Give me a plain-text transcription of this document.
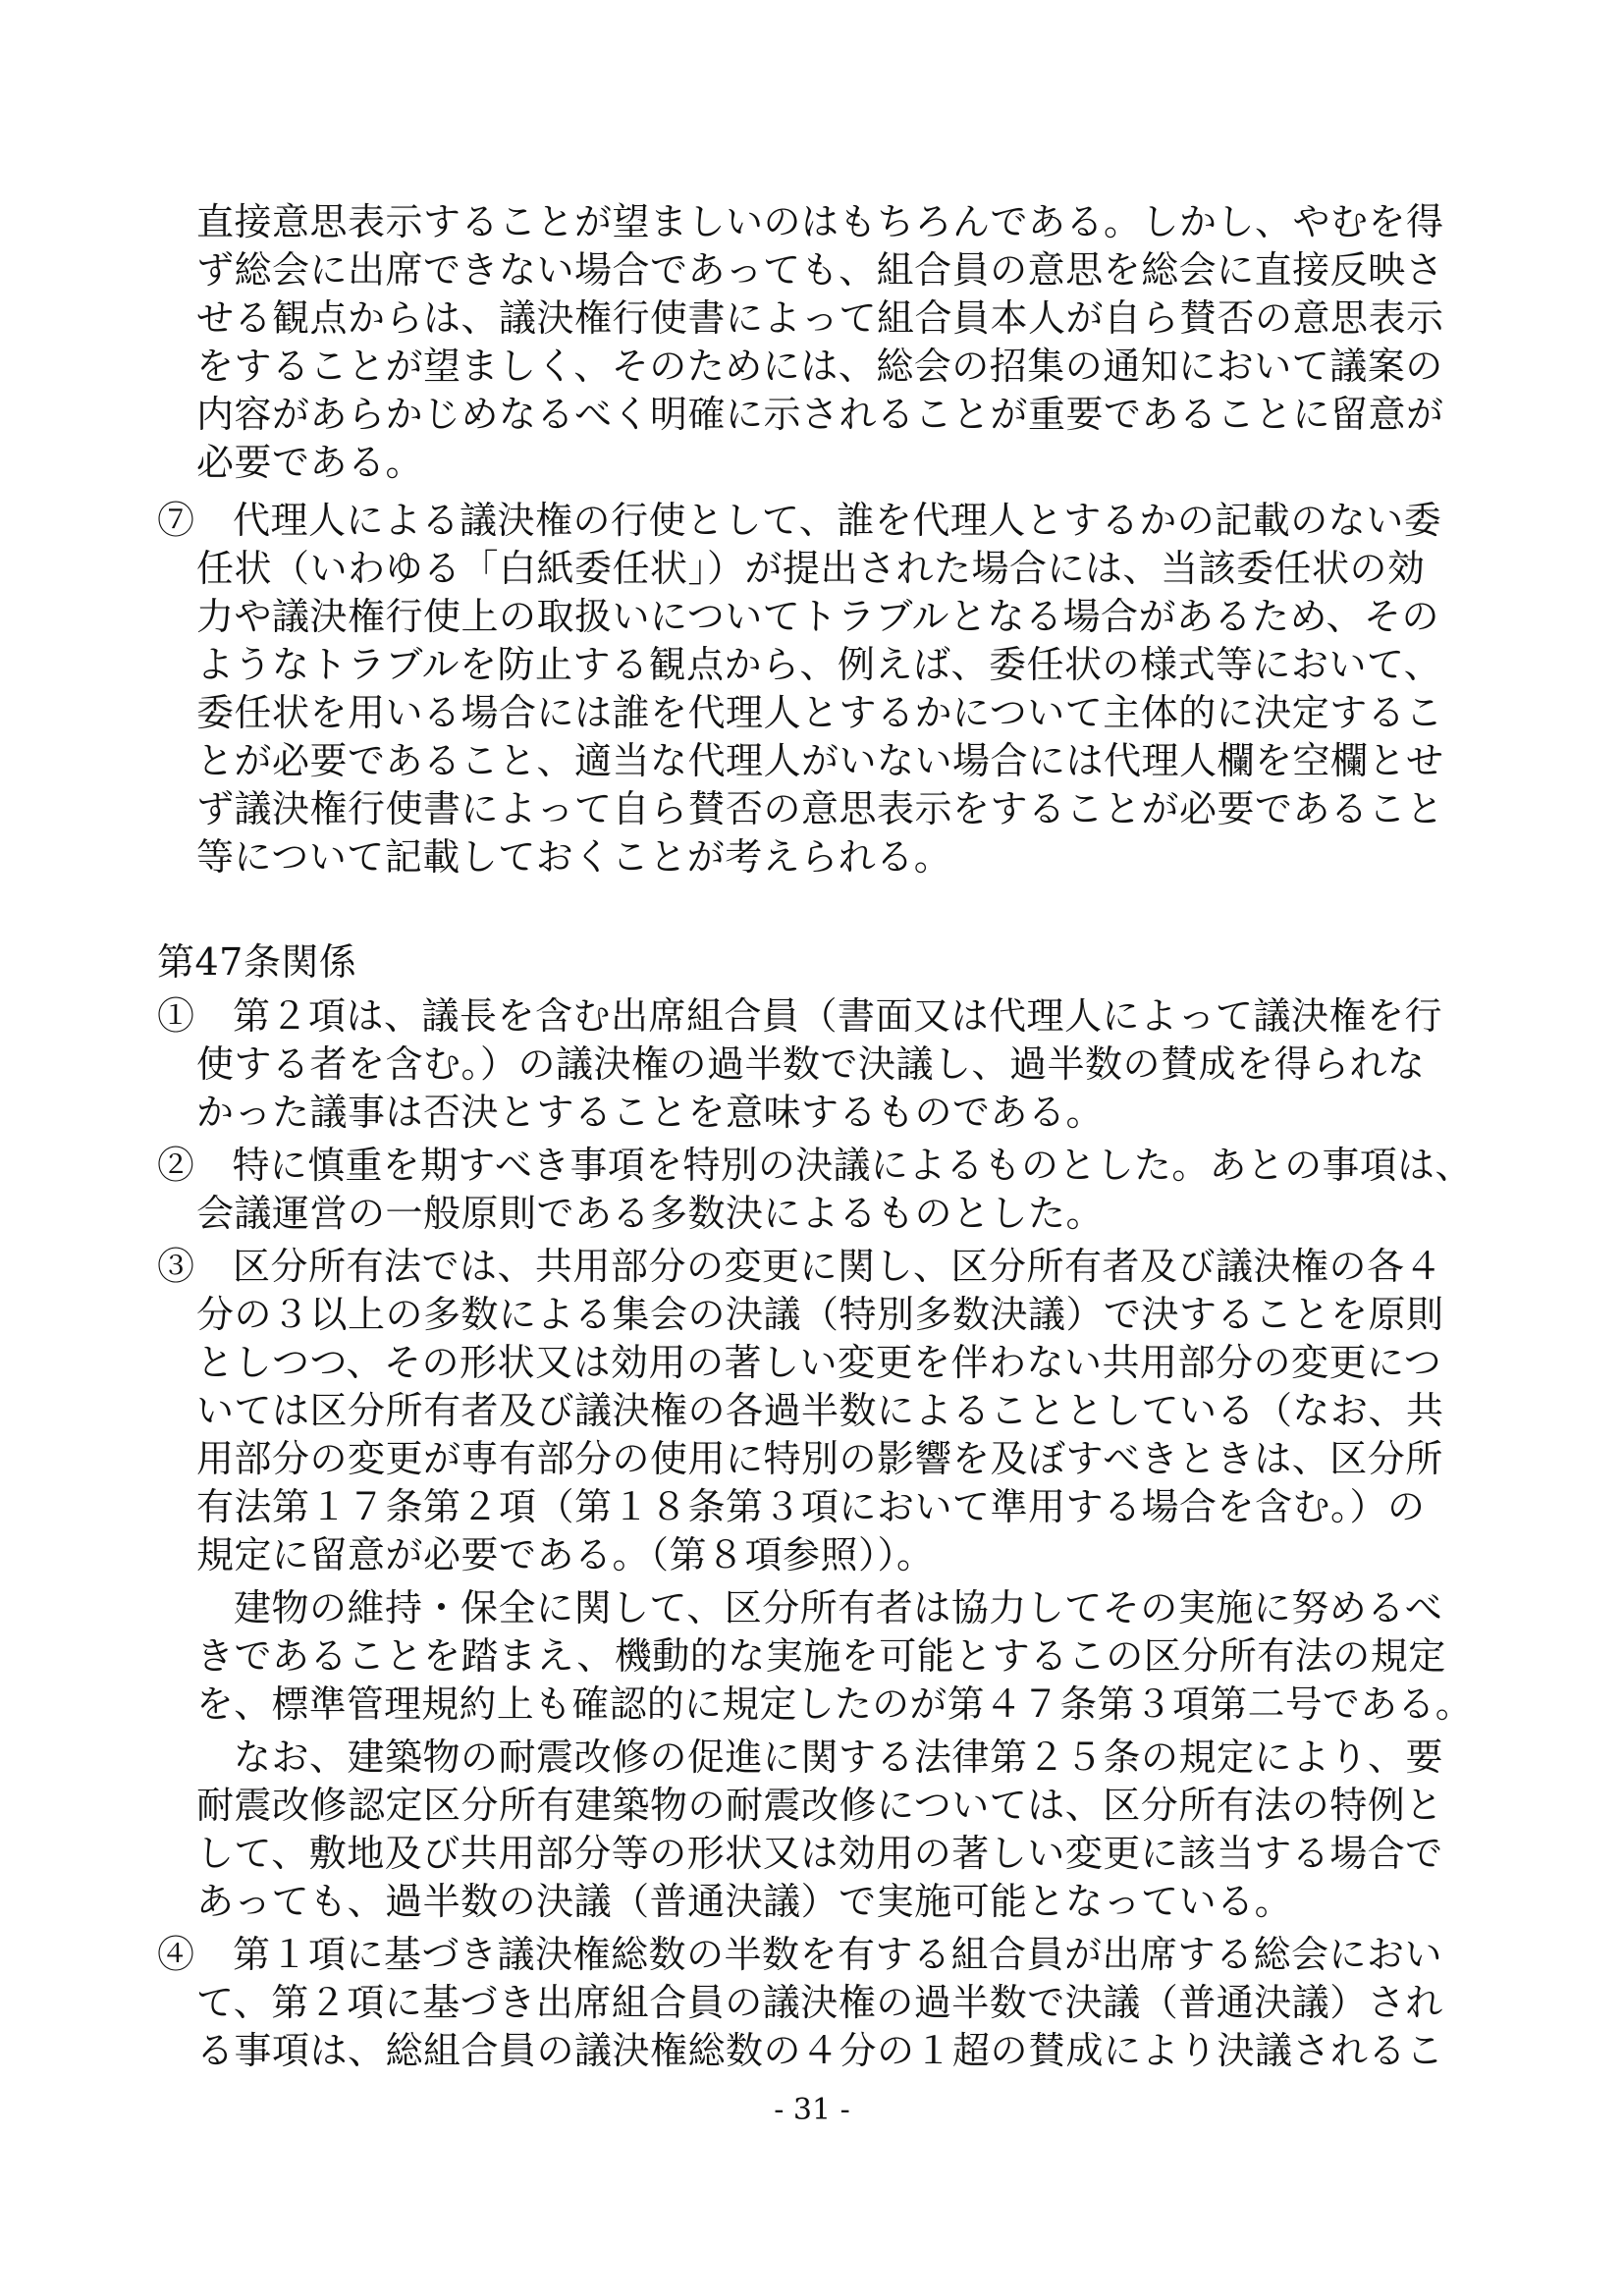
直接意思表示することが望ましいのはもちろんである。しかし、やむを得
ず総会に出席できない場合であっても、組合員の意思を総会に直接反映さ
せる観点からは、議決権行使書によって組合員本人が自ら賛否の意思表示
をすることが望ましく、そのためには、総会の招集の通知において議案の
内容があらかじめなるべく明確に示されることが重要であることに留意が
必要である。
⑦　代理人による議決権の行使として、誰を代理人とするかの記載のない委
任状（いわゆる「白紙委任状」）が提出された場合には、当該委任状の効
力や議決権行使上の取扱いについてトラブルとなる場合があるため、その
ようなトラブルを防止する観点から、例えば、委任状の様式等において、
委任状を用いる場合には誰を代理人とするかについて主体的に決定するこ
とが必要であること、適当な代理人がいない場合には代理人欄を空欄とせ
ず議決権行使書によって自ら賛否の意思表示をすることが必要であること
等について記載しておくことが考えられる。
第47条関係
①　第２項は、議長を含む出席組合員（書面又は代理人によって議決権を行
使する者を含む。）の議決権の過半数で決議し、過半数の賛成を得られな
かった議事は否決とすることを意味するものである。
②　特に慎重を期すべき事項を特別の決議によるものとした。あとの事項は、
会議運営の一般原則である多数決によるものとした。
③　区分所有法では、共用部分の変更に関し、区分所有者及び議決権の各４
分の３以上の多数による集会の決議（特別多数決議）で決することを原則
としつつ、その形状又は効用の著しい変更を伴わない共用部分の変更につ
いては区分所有者及び議決権の各過半数によることとしている（なお、共
用部分の変更が専有部分の使用に特別の影響を及ぼすべきときは、区分所
有法第１７条第２項（第１８条第３項において準用する場合を含む。）の
規定に留意が必要である。（第８項参照））。
建物の維持・保全に関して、区分所有者は協力してその実施に努めるべ
きであることを踏まえ、機動的な実施を可能とするこの区分所有法の規定
を、標準管理規約上も確認的に規定したのが第４７条第３項第二号である。
なお、建築物の耐震改修の促進に関する法律第２５条の規定により、要
耐震改修認定区分所有建築物の耐震改修については、区分所有法の特例と
して、敷地及び共用部分等の形状又は効用の著しい変更に該当する場合で
あっても、過半数の決議（普通決議）で実施可能となっている。
④　第１項に基づき議決権総数の半数を有する組合員が出席する総会におい
て、第２項に基づき出席組合員の議決権の過半数で決議（普通決議）され
る事項は、総組合員の議決権総数の４分の１超の賛成により決議されるこ
- 31 -
